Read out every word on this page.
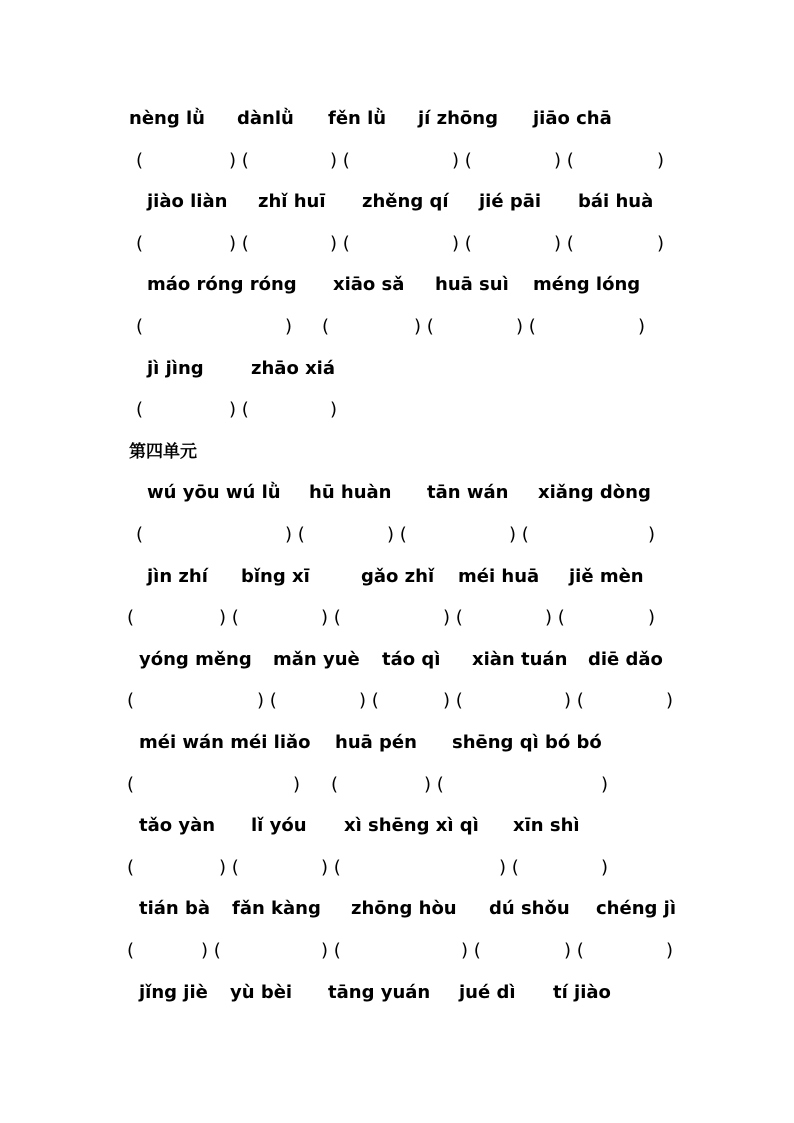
nèng lǜ dànlǜ fěn lǜ jí zhōng jiāo chā
(	) (	) (	) (	) (	)
jiào liàn zhǐ huī zhěng qí jié pāi bái huà
(	) (	) (	) (	) (	)
máo róng róng xiāo sǎ huā suì méng lóng
(	) (	) (	) (	)
jì jìng	zhāo xiá
(	) (	)
第四单元
wú yōu wú lǜ hū huàn tān wán xiǎng dòng
(	) (	) (	) (	)
jìn zhí bǐng xī	gǎo zhǐ méi huā jiě mèn
(	) (	) (	) (	) (	)
yóng měng mǎn yuè táo qì xiàn tuán diē dǎo
(	) (	) (	) (	) (	)
méi wán méi liǎo huā pén shēng qì bó bó
(	) (	) (	)
tǎo yàn lǐ yóu xì shēng xì qì xīn shì
(	) (	) (	) (	)
tián bà fǎn kàng zhōng hòu dú shǒu chéng jì
(	) (	) (	) (	) (	)
jǐng jiè yù bèi tāng yuán jué dì tí jiào
